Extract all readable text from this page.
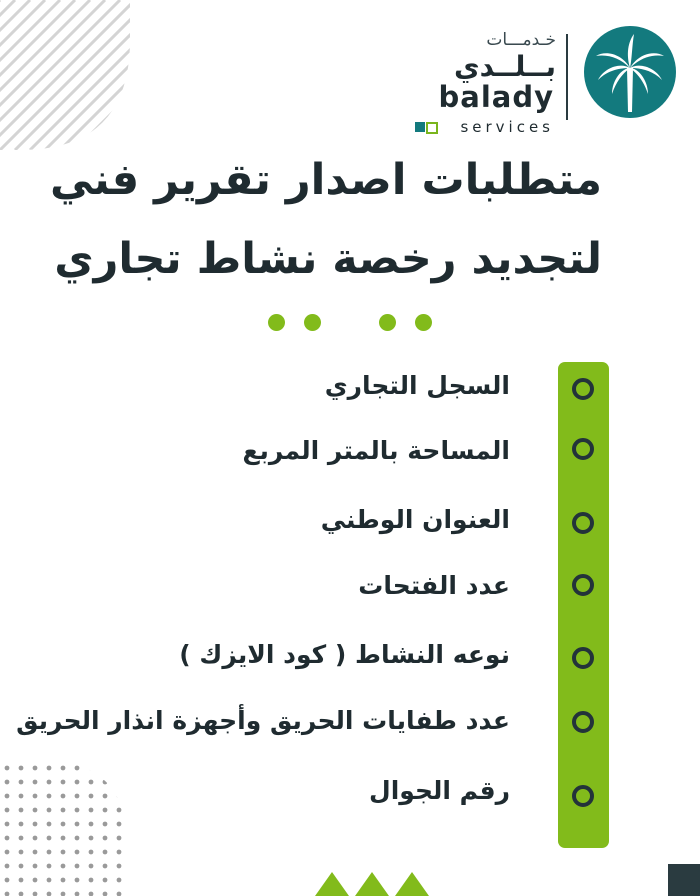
خـدمـــات
بــلــدي
balady
services
متطلبات اصدار تقرير فني
لتجديد رخصة نشاط تجاري
السجل التجاري
المساحة بالمتر المربع
العنوان الوطني
عدد الفتحات
نوعه النشاط ( كود الايزك )
عدد طفايات الحريق وأجهزة انذار الحريق
رقم الجوال
